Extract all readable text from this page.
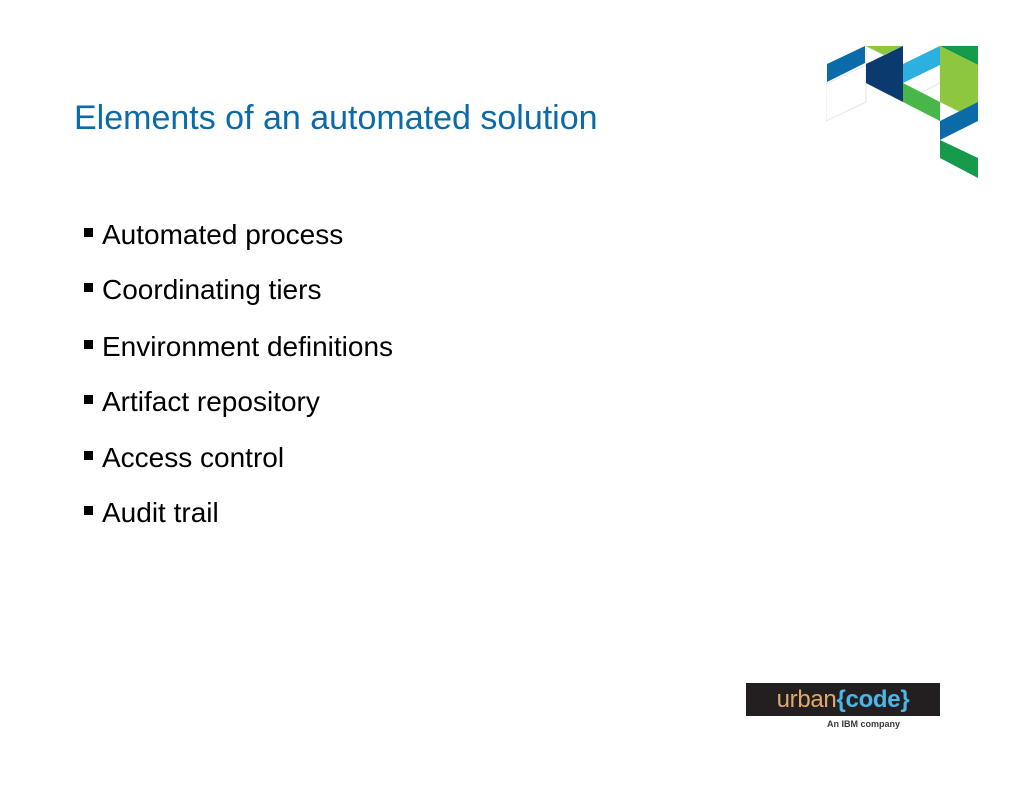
Elements of an automated solution
Automated process
Coordinating tiers
Environment definitions
Artifact repository
Access control
Audit trail
urban {code}
An IBM company
